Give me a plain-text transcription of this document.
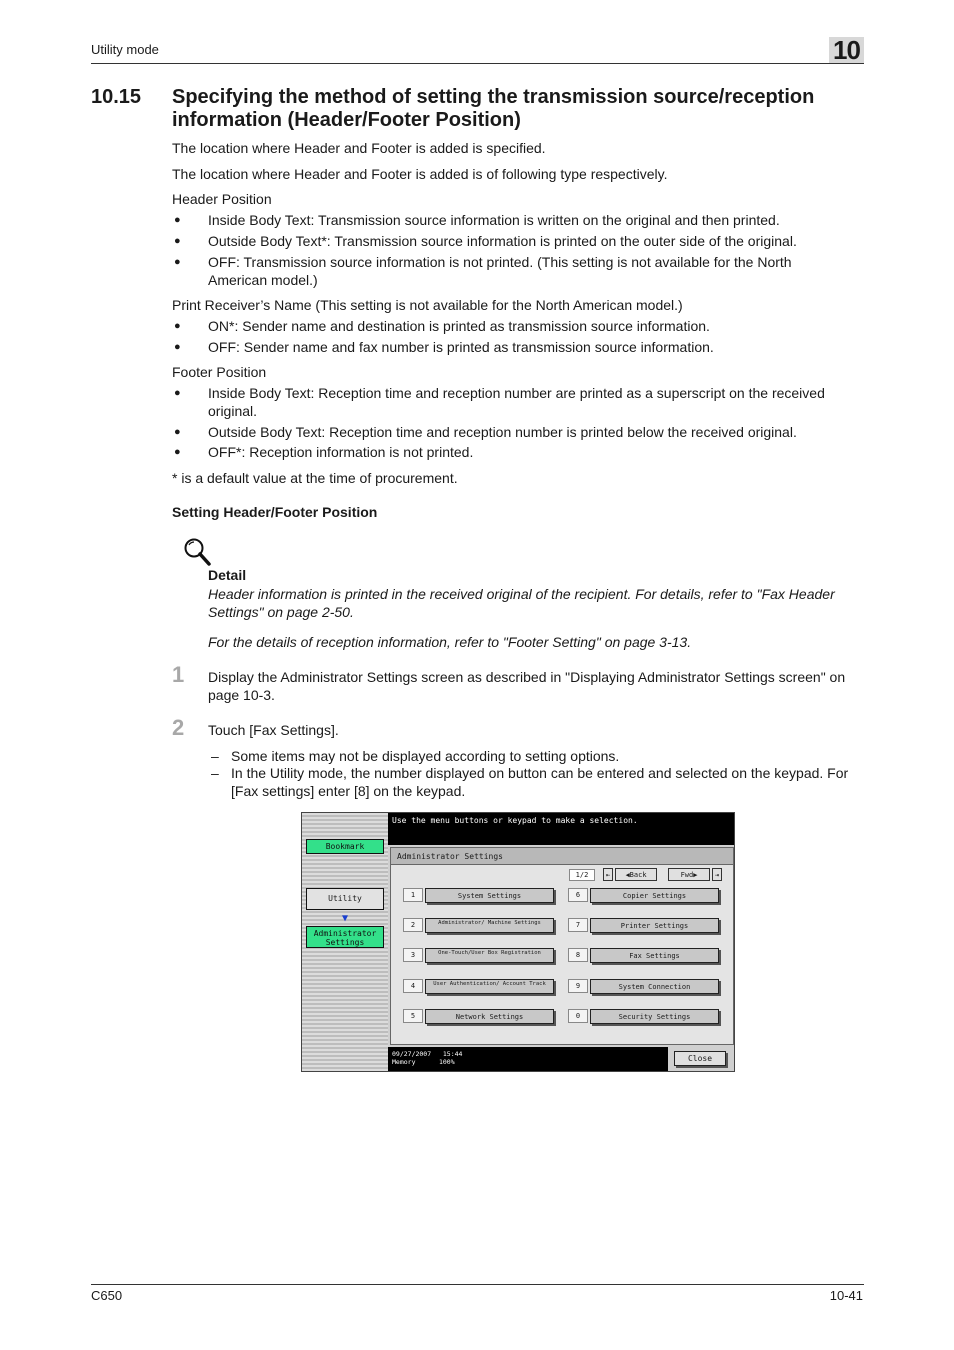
Utility mode	10
10.15 Specifying the method of setting the transmission source/reception information (Header/Footer Position)
The location where Header and Footer is added is specified.
The location where Header and Footer is added is of following type respectively.
Header Position
● Inside Body Text: Transmission source information is written on the original and then printed.
● Outside Body Text*: Transmission source information is printed on the outer side of the original.
● OFF: Transmission source information is not printed. (This setting is not available for the North American model.)
Print Receiver’s Name (This setting is not available for the North American model.)
● ON*: Sender name and destination is printed as transmission source information.
● OFF: Sender name and fax number is printed as transmission source information.
Footer Position
● Inside Body Text: Reception time and reception number are printed as a superscript on the received original.
● Outside Body Text: Reception time and reception number is printed below the received original.
● OFF*: Reception information is not printed.
* is a default value at the time of procurement.
Setting Header/Footer Position
Detail
Header information is printed in the received original of the recipient. For details, refer to "Fax Header Settings" on page 2-50.
For the details of reception information, refer to "Footer Setting" on page 3-13.
1 Display the Administrator Settings screen as described in "Displaying Administrator Settings screen" on page 10-3.
2 Touch [Fax Settings].
– Some items may not be displayed according to setting options.
– In the Utility mode, the number displayed on button can be entered and selected on the keypad. For [Fax settings] enter [8] on the keypad.
Bookmark
Utility
▼
Administrator
Settings
Use the menu buttons or keypad to make a selection.
Administrator Settings
1/2	⇤	◀Back	Fwd▶	⇥
1	System Settings
2	Administrator/ Machine Settings
3	One-Touch/User Box Registration
4	User Authentication/ Account Track
5	Network Settings
6	Copier Settings
7	Printer Settings
8	Fax Settings
9	System Connection
0	Security Settings
09/27/2007 15:44
Memory	100%	Close
C650	10-41
